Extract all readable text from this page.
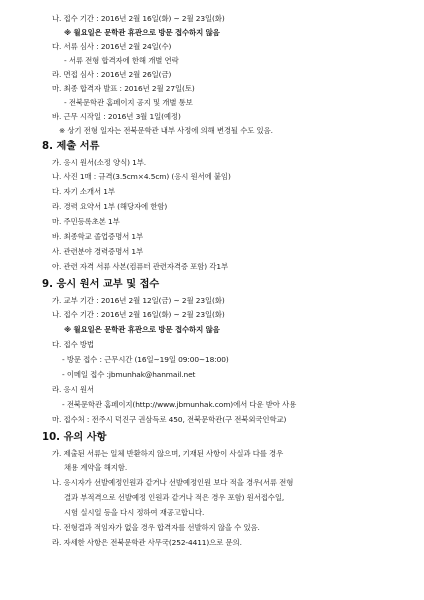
나. 접수 기간 : 2016년 2월 16일(화) ~ 2월 23일(화)
※ 월요일은 문학관 휴관으로 방문 접수하지 않음
다. 서류 심사 : 2016년 2월 24일(수)
- 서류 전형 합격자에 한해 개별 연락
라. 면접 심사 : 2016년 2월 26일(금)
마. 최종 합격자 발표 : 2016년 2월 27일(토)
- 전북문학관 홈페이지 공지 및 개별 통보
바. 근무 시작일 : 2016년 3월 1일(예정)
※ 상기 전형 일자는 전북문학관 내부 사정에 의해 변경될 수도 있음.
8. 제출 서류
가. 응시 원서(소정 양식) 1부.
나. 사진 1매 : 규격(3.5cm×4.5cm) (응시 원서에 붙임)
다. 자기 소개서 1부
라. 경력 요약서 1부 (해당자에 한함)
마. 주민등록초본 1부
바. 최종학교 졸업증명서 1부
사. 관련분야 경력증명서 1부
아. 관련 자격 서류 사본(컴퓨터 관련자격증 포함) 각1부
9. 응시 원서 교부 및 접수
가. 교부 기간 : 2016년 2월 12일(금) ~ 2월 23일(화)
나. 접수 기간 : 2016년 2월 16일(화) ~ 2월 23일(화)
※ 월요일은 문학관 휴관으로 방문 접수하지 않음
다. 접수 방법
- 방문 접수 : 근무시간 (16일~19일 09:00~18:00)
- 이메일 접수 :jbmunhak@hanmail.net
라. 응시 원서
- 전북문학관 홈페이지(http://www.jbmunhak.com)에서 다운 받아 사용
마. 접수처 : 전주시 덕진구 권삼득로 450, 전북문학관(구 전북외국인학교)
10. 유의 사항
가. 제출된 서류는 일체 반환하지 않으며, 기재된 사항이 사실과 다를 경우
채용 계약을 해지함.
나. 응시자가 선발예정인원과 같거나 선발예정인원 보다 적을 경우(서류 전형
결과 부적격으로 선발예정 인원과 같거나 적은 경우 포함) 원서접수일,
시험 실시일 등을 다시 정하여 재공고합니다.
다. 전형결과 적임자가 없을 경우 합격자를 선발하지 않을 수 있음.
라. 자세한 사항은 전북문학관 사무국(252-4411)으로 문의.
